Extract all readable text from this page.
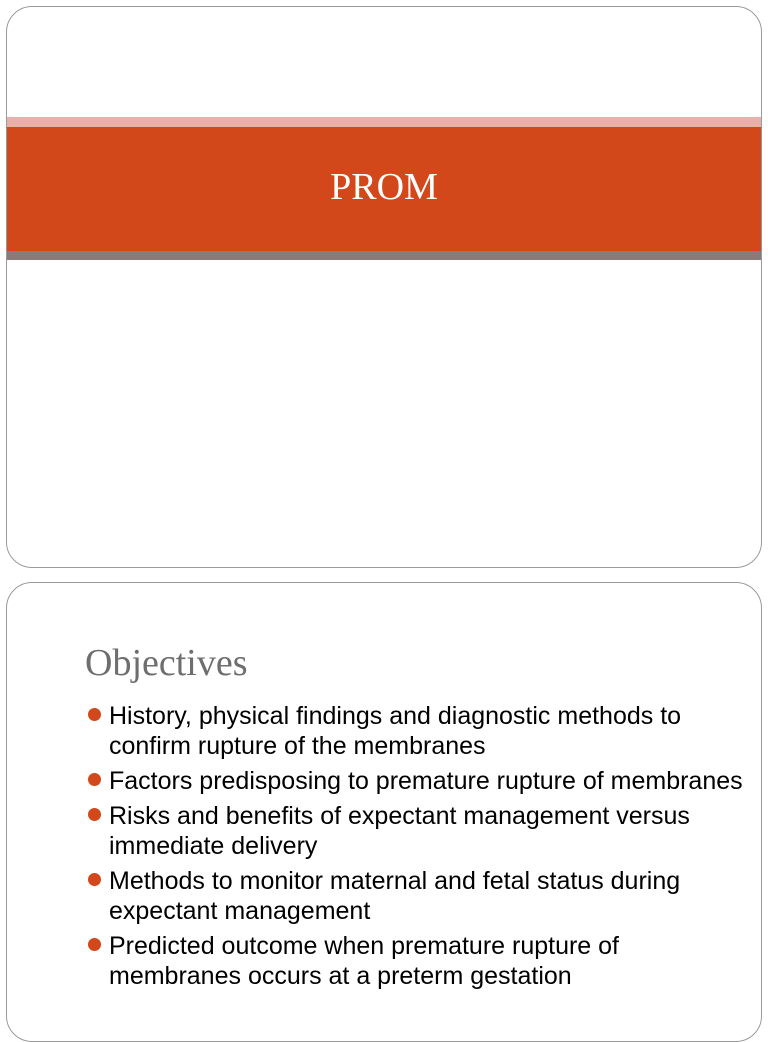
PROM
Objectives
History, physical findings and diagnostic methods to confirm rupture of the membranes
Factors predisposing to premature rupture of membranes
Risks and benefits of expectant management versus immediate delivery
Methods to monitor maternal and fetal status during expectant management
Predicted outcome when premature rupture of membranes occurs at a preterm gestation
